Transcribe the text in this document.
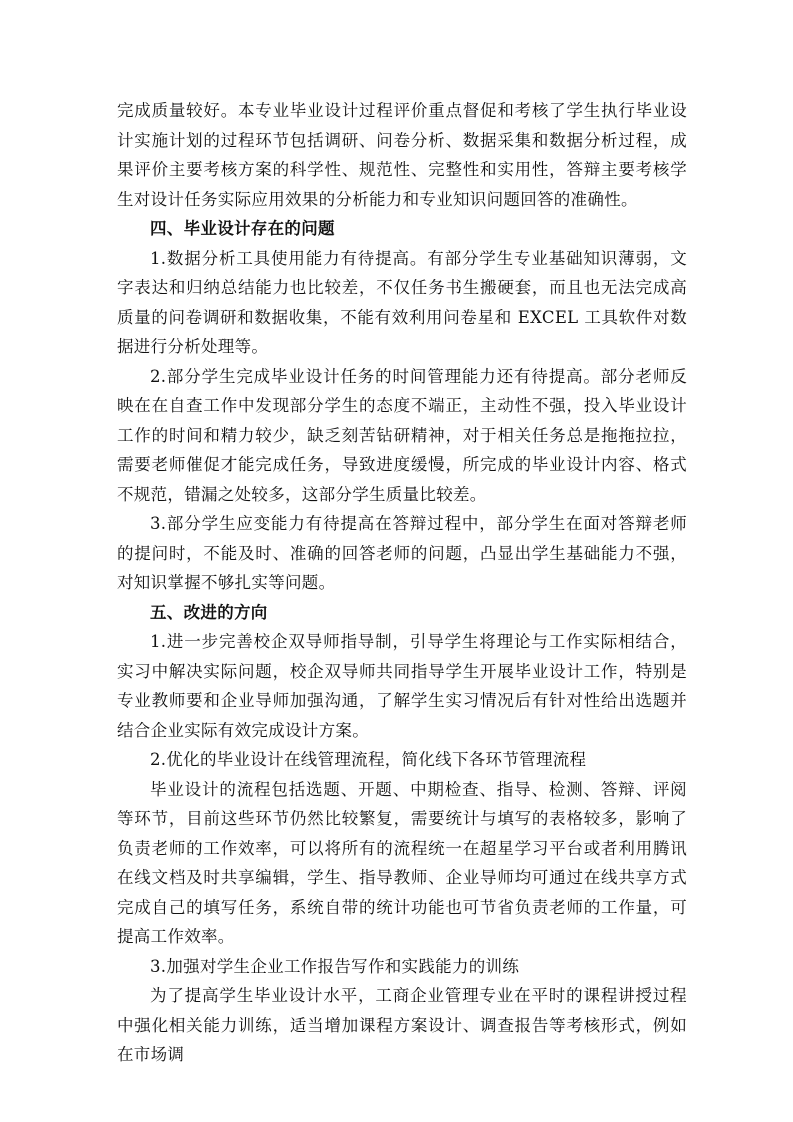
完成质量较好。本专业毕业设计过程评价重点督促和考核了学生执行毕业设计实施计划的过程环节包括调研、问卷分析、数据采集和数据分析过程，成果评价主要考核方案的科学性、规范性、完整性和实用性，答辩主要考核学生对设计任务实际应用效果的分析能力和专业知识问题回答的准确性。

四、毕业设计存在的问题

1.数据分析工具使用能力有待提高。有部分学生专业基础知识薄弱，文字表达和归纳总结能力也比较差，不仅任务书生搬硬套，而且也无法完成高质量的问卷调研和数据收集，不能有效利用问卷星和 EXCEL 工具软件对数据进行分析处理等。

2.部分学生完成毕业设计任务的时间管理能力还有待提高。部分老师反映在在自查工作中发现部分学生的态度不端正，主动性不强，投入毕业设计工作的时间和精力较少，缺乏刻苦钻研精神，对于相关任务总是拖拖拉拉，需要老师催促才能完成任务，导致进度缓慢，所完成的毕业设计内容、格式不规范，错漏之处较多，这部分学生质量比较差。

3.部分学生应变能力有待提高在答辩过程中，部分学生在面对答辩老师的提问时，不能及时、准确的回答老师的问题，凸显出学生基础能力不强，对知识掌握不够扎实等问题。

五、改进的方向

1.进一步完善校企双导师指导制，引导学生将理论与工作实际相结合，实习中解决实际问题，校企双导师共同指导学生开展毕业设计工作，特别是专业教师要和企业导师加强沟通，了解学生实习情况后有针对性给出选题并结合企业实际有效完成设计方案。

2.优化的毕业设计在线管理流程，简化线下各环节管理流程

毕业设计的流程包括选题、开题、中期检查、指导、检测、答辩、评阅等环节，目前这些环节仍然比较繁复，需要统计与填写的表格较多，影响了负责老师的工作效率，可以将所有的流程统一在超星学习平台或者利用腾讯在线文档及时共享编辑，学生、指导教师、企业导师均可通过在线共享方式完成自己的填写任务，系统自带的统计功能也可节省负责老师的工作量，可提高工作效率。

3.加强对学生企业工作报告写作和实践能力的训练

为了提高学生毕业设计水平，工商企业管理专业在平时的课程讲授过程中强化相关能力训练，适当增加课程方案设计、调查报告等考核形式，例如在市场调
